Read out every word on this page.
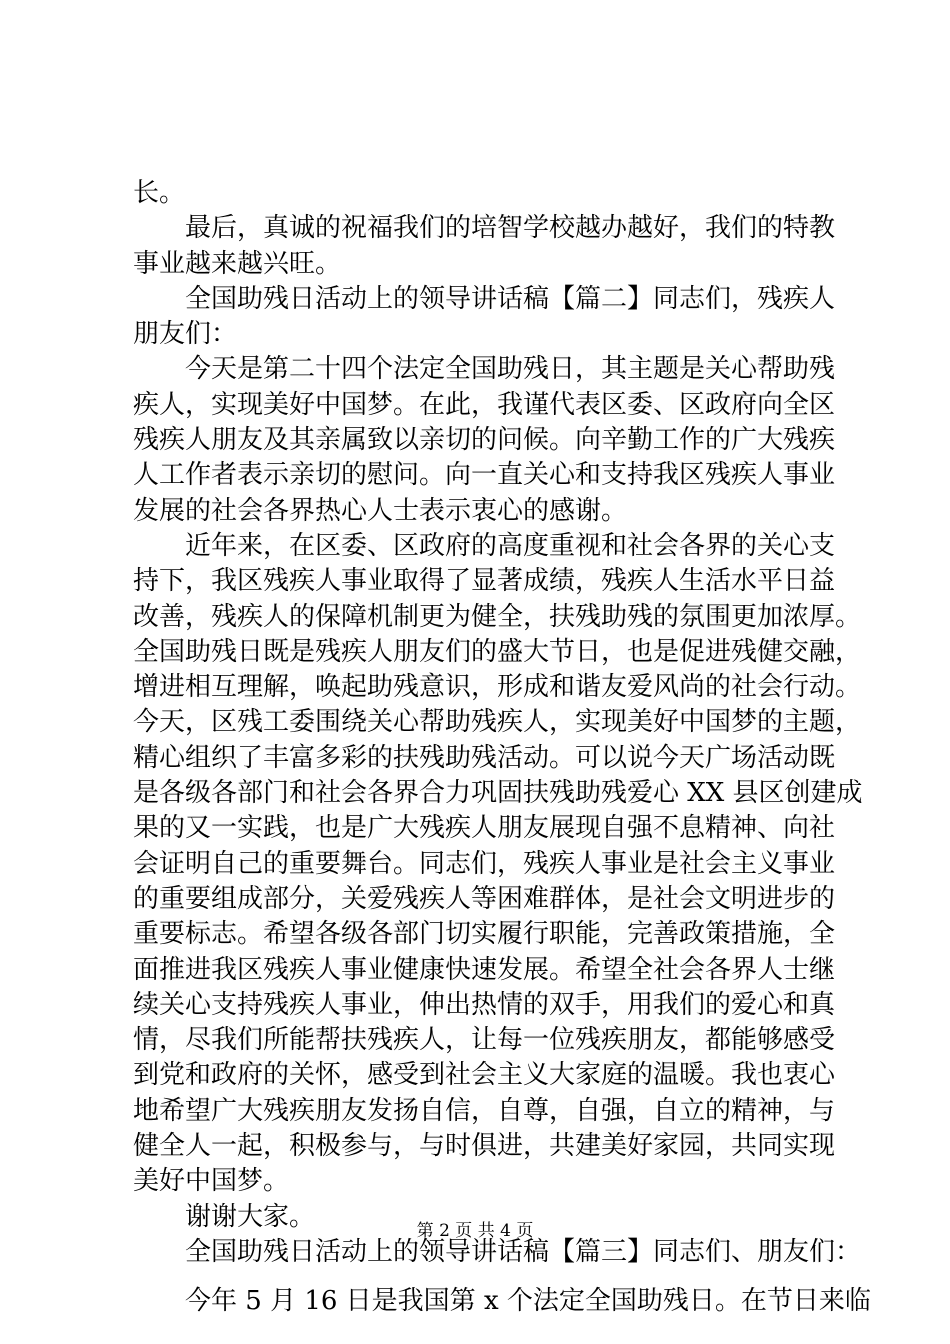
长。
最后，真诚的祝福我们的培智学校越办越好，我们的特教
事业越来越兴旺。
全国助残日活动上的领导讲话稿【篇二】同志们，残疾人
朋友们：
今天是第二十四个法定全国助残日，其主题是关心帮助残
疾人，实现美好中国梦。在此，我谨代表区委、区政府向全区
残疾人朋友及其亲属致以亲切的问候。向辛勤工作的广大残疾
人工作者表示亲切的慰问。向一直关心和支持我区残疾人事业
发展的社会各界热心人士表示衷心的感谢。
近年来，在区委、区政府的高度重视和社会各界的关心支
持下，我区残疾人事业取得了显著成绩，残疾人生活水平日益
改善，残疾人的保障机制更为健全，扶残助残的氛围更加浓厚。
全国助残日既是残疾人朋友们的盛大节日，也是促进残健交融，
增进相互理解，唤起助残意识，形成和谐友爱风尚的社会行动。
今天，区残工委围绕关心帮助残疾人，实现美好中国梦的主题，
精心组织了丰富多彩的扶残助残活动。可以说今天广场活动既
是各级各部门和社会各界合力巩固扶残助残爱心 XX 县区创建成
果的又一实践，也是广大残疾人朋友展现自强不息精神、向社
会证明自己的重要舞台。同志们，残疾人事业是社会主义事业
的重要组成部分，关爱残疾人等困难群体，是社会文明进步的
重要标志。希望各级各部门切实履行职能，完善政策措施，全
面推进我区残疾人事业健康快速发展。希望全社会各界人士继
续关心支持残疾人事业，伸出热情的双手，用我们的爱心和真
情，尽我们所能帮扶残疾人，让每一位残疾朋友，都能够感受
到党和政府的关怀，感受到社会主义大家庭的温暖。我也衷心
地希望广大残疾朋友发扬自信，自尊，自强，自立的精神，与
健全人一起，积极参与，与时俱进，共建美好家园，共同实现
美好中国梦。
谢谢大家。
全国助残日活动上的领导讲话稿【篇三】同志们、朋友们：
今年 5 月 16 日是我国第 x 个法定全国助残日。在节日来临
第 2 页 共 4 页
